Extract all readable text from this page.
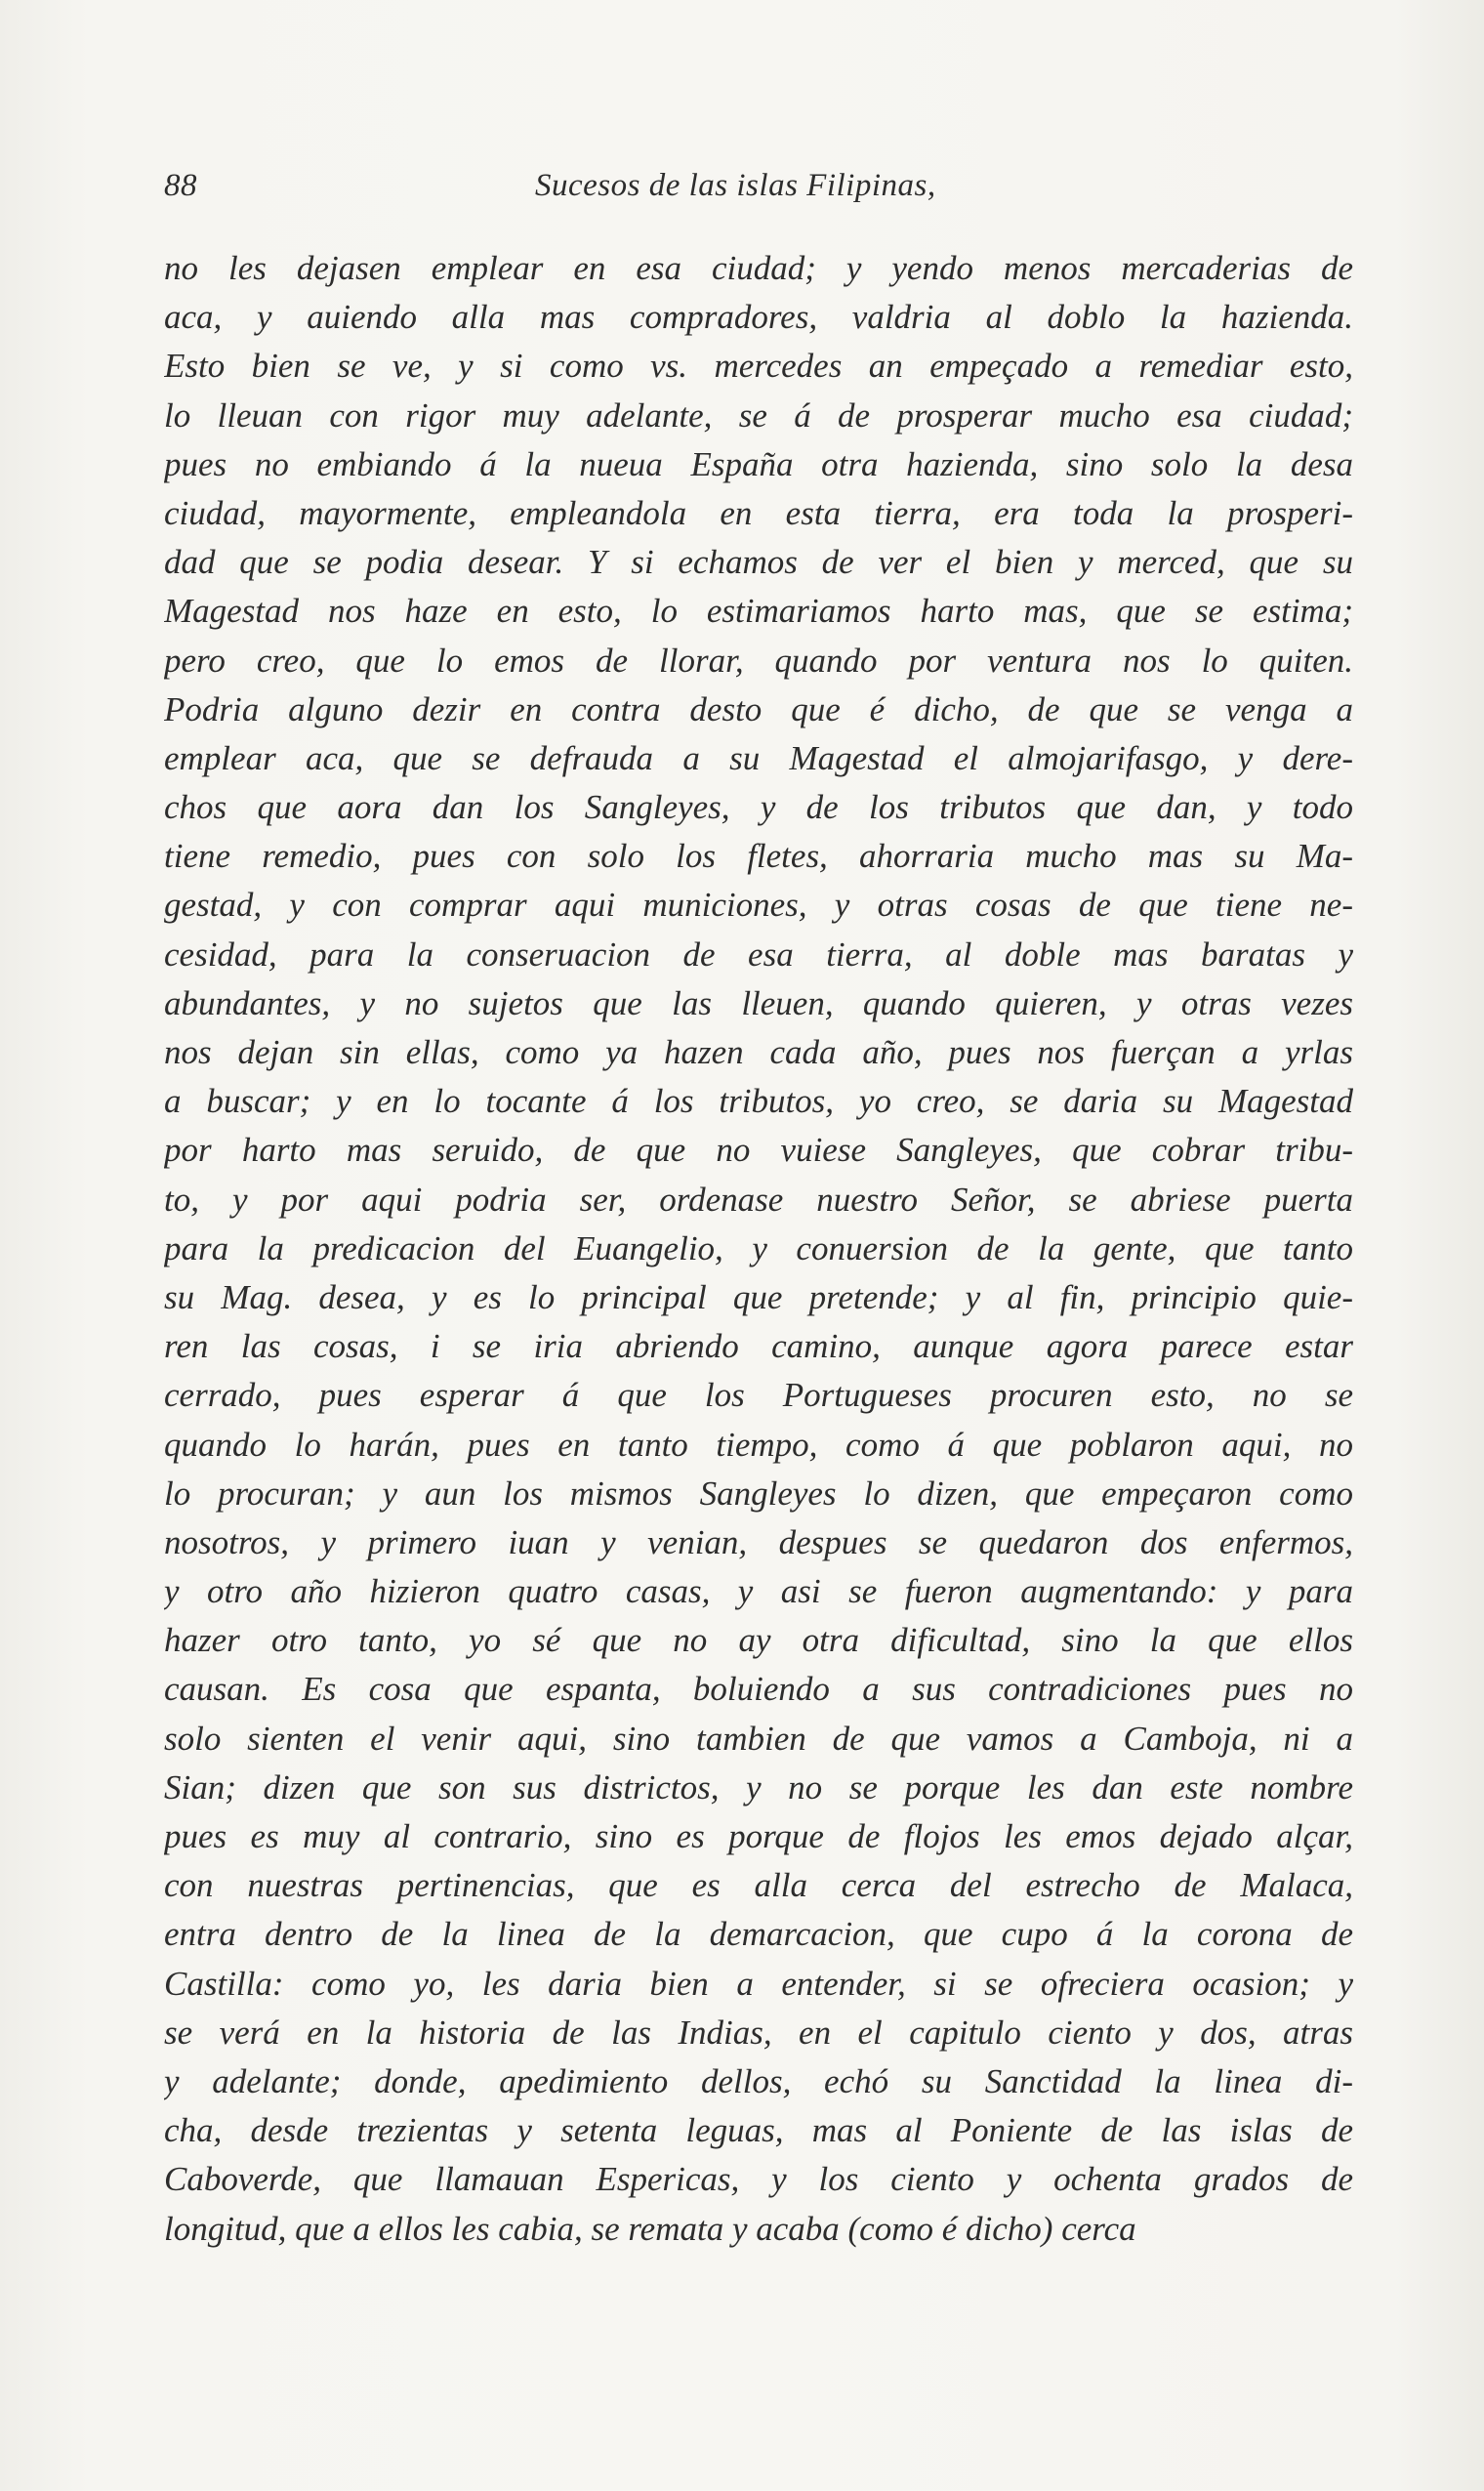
88	Sucesos de las islas Filipinas,
no les dejasen emplear en esa ciudad; y yendo menos mercaderias de
aca, y auiendo alla mas compradores, valdria al doblo la hazienda.
Esto bien se ve, y si como vs. mercedes an empeçado a remediar esto,
lo lleuan con rigor muy adelante, se á de prosperar mucho esa ciudad;
pues no embiando á la nueua España otra hazienda, sino solo la desa
ciudad, mayormente, empleandola en esta tierra, era toda la prosperi-
dad que se podia desear. Y si echamos de ver el bien y merced, que su
Magestad nos haze en esto, lo estimariamos harto mas, que se estima;
pero creo, que lo emos de llorar, quando por ventura nos lo quiten.
Podria alguno dezir en contra desto que é dicho, de que se venga a
emplear aca, que se defrauda a su Magestad el almojarifasgo, y dere-
chos que aora dan los Sangleyes, y de los tributos que dan, y todo
tiene remedio, pues con solo los fletes, ahorraria mucho mas su Ma-
gestad, y con comprar aqui municiones, y otras cosas de que tiene ne-
cesidad, para la conseruacion de esa tierra, al doble mas baratas y
abundantes, y no sujetos que las lleuen, quando quieren, y otras vezes
nos dejan sin ellas, como ya hazen cada año, pues nos fuerçan a yrlas
a buscar; y en lo tocante á los tributos, yo creo, se daria su Magestad
por harto mas seruido, de que no vuiese Sangleyes, que cobrar tribu-
to, y por aqui podria ser, ordenase nuestro Señor, se abriese puerta
para la predicacion del Euangelio, y conuersion de la gente, que tanto
su Mag. desea, y es lo principal que pretende; y al fin, principio quie-
ren las cosas, i se iria abriendo camino, aunque agora parece estar
cerrado, pues esperar á que los Portugueses procuren esto, no se
quando lo harán, pues en tanto tiempo, como á que poblaron aqui, no
lo procuran; y aun los mismos Sangleyes lo dizen, que empeçaron como
nosotros, y primero iuan y venian, despues se quedaron dos enfermos,
y otro año hizieron quatro casas, y asi se fueron augmentando: y para
hazer otro tanto, yo sé que no ay otra dificultad, sino la que ellos
causan. Es cosa que espanta, boluiendo a sus contradiciones pues no
solo sienten el venir aqui, sino tambien de que vamos a Camboja, ni a
Sian; dizen que son sus districtos, y no se porque les dan este nombre
pues es muy al contrario, sino es porque de flojos les emos dejado alçar,
con nuestras pertinencias, que es alla cerca del estrecho de Malaca,
entra dentro de la linea de la demarcacion, que cupo á la corona de
Castilla: como yo, les daria bien a entender, si se ofreciera ocasion; y
se verá en la historia de las Indias, en el capitulo ciento y dos, atras
y adelante; donde, apedimiento dellos, echó su Sanctidad la linea di-
cha, desde trezientas y setenta leguas, mas al Poniente de las islas de
Caboverde, que llamauan Espericas, y los ciento y ochenta grados de
longitud, que a ellos les cabia, se remata y acaba (como é dicho) cerca
